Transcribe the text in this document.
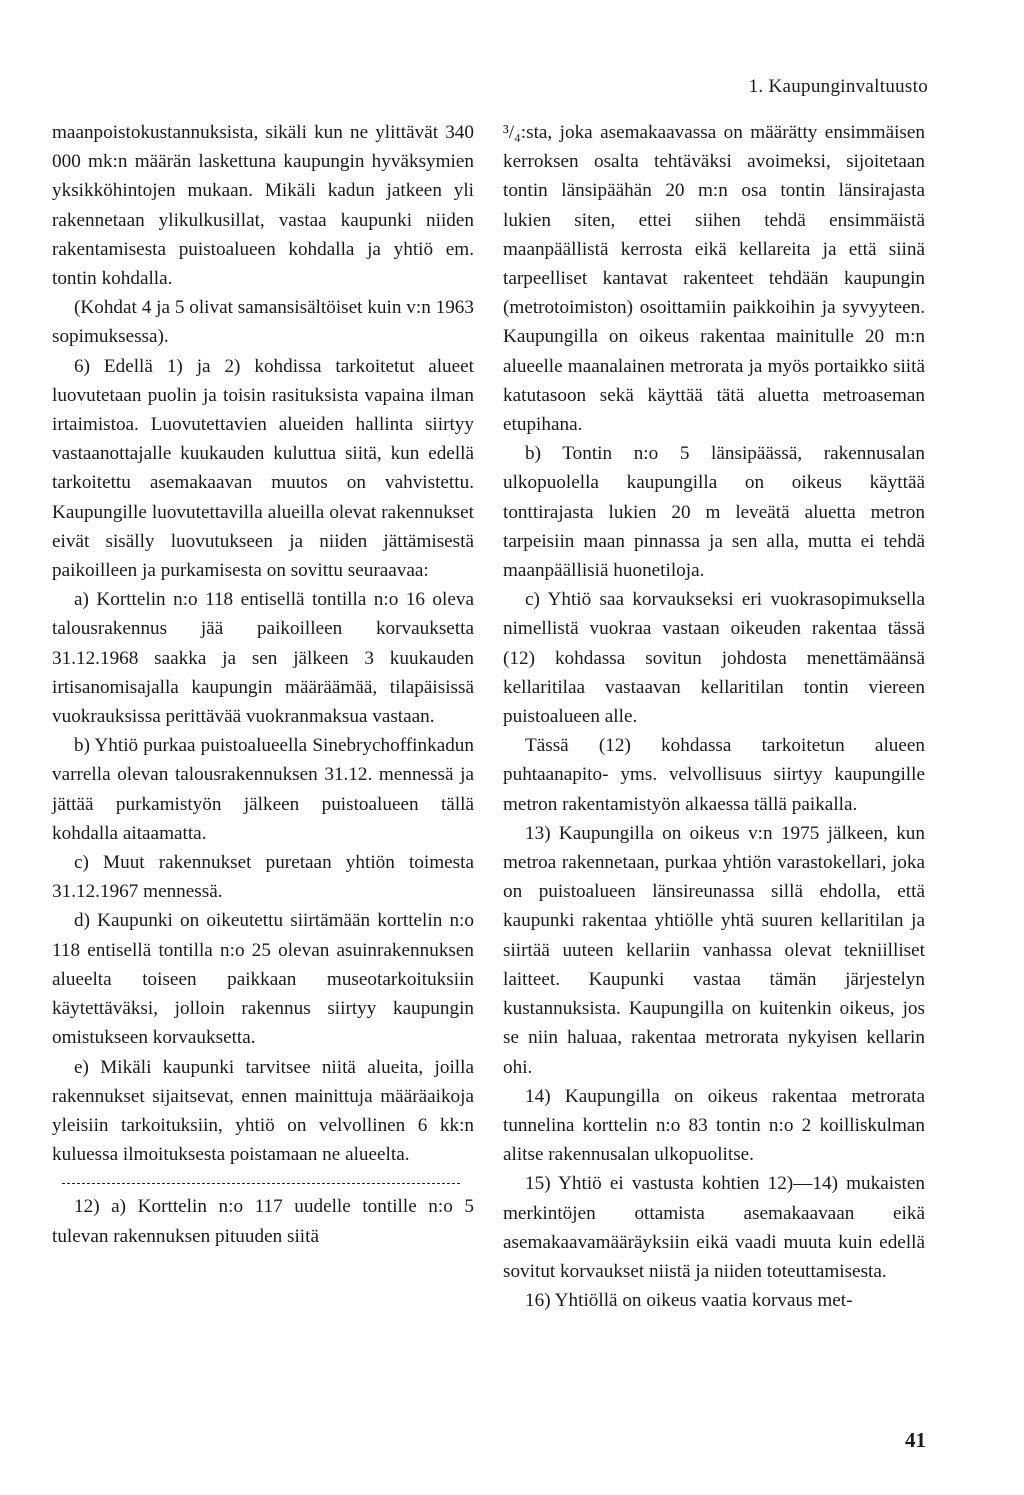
1. Kaupunginvaltuusto

maanpoistokustannuksista, sikäli kun ne ylittävät 340 000 mk:n määrän laskettuna kaupungin hyväksymien yksikköhintojen mukaan. Mikäli kadun jatkeen yli rakennetaan ylikulkusillat, vastaa kaupunki niiden rakentamisesta puistoalueen kohdalla ja yhtiö em. tontin kohdalla.

(Kohdat 4 ja 5 olivat samansisältöiset kuin v:n 1963 sopimuksessa).

6) Edellä 1) ja 2) kohdissa tarkoitetut alueet luovutetaan puolin ja toisin rasituksista vapaina ilman irtaimistoa. Luovutettavien alueiden hallinta siirtyy vastaanottajalle kuukauden kuluttua siitä, kun edellä tarkoitettu asemakaavan muutos on vahvistettu. Kaupungille luovutettavilla alueilla olevat rakennukset eivät sisälly luovutukseen ja niiden jättämisestä paikoilleen ja purkamisesta on sovittu seuraavaa:

a) Korttelin n:o 118 entisellä tontilla n:o 16 oleva talousrakennus jää paikoilleen korvauksetta 31.12.1968 saakka ja sen jälkeen 3 kuukauden irtisanomisajalla kaupungin määräämää, tilapäisissä vuokrauksissa perittävää vuokranmaksua vastaan.

b) Yhtiö purkaa puistoalueella Sinebrychoffinkadun varrella olevan talousrakennuksen 31.12. mennessä ja jättää purkamistyön jälkeen puistoalueen tällä kohdalla aitaamatta.

c) Muut rakennukset puretaan yhtiön toimesta 31.12.1967 mennessä.

d) Kaupunki on oikeutettu siirtämään korttelin n:o 118 entisellä tontilla n:o 25 olevan asuinrakennuksen alueelta toiseen paikkaan museotarkoituksiin käytettäväksi, jolloin rakennus siirtyy kaupungin omistukseen korvauksetta.

e) Mikäli kaupunki tarvitsee niitä alueita, joilla rakennukset sijaitsevat, ennen mainittuja määräaikoja yleisiin tarkoituksiin, yhtiö on velvollinen 6 kk:n kuluessa ilmoituksesta poistamaan ne alueelta.

12) a) Korttelin n:o 117 uudelle tontille n:o 5 tulevan rakennuksen pituuden siitä

³/₄:sta, joka asemakaavassa on määrätty ensimmäisen kerroksen osalta tehtäväksi avoimeksi, sijoitetaan tontin länsipäähän 20 m:n osa tontin länsirajasta lukien siten, ettei siihen tehdä ensimmäistä maanpäällistä kerrosta eikä kellareita ja että siinä tarpeelliset kantavat rakenteet tehdään kaupungin (metrotoimiston) osoittamiin paikkoihin ja syvyyteen. Kaupungilla on oikeus rakentaa mainitulle 20 m:n alueelle maanalainen metrorata ja myös portaikko siitä katutasoon sekä käyttää tätä aluetta metroaseman etupihana.

b) Tontin n:o 5 länsipäässä, rakennusalan ulkopuolella kaupungilla on oikeus käyttää tonttirajasta lukien 20 m leveätä aluetta metron tarpeisiin maan pinnassa ja sen alla, mutta ei tehdä maanpäällisiä huonetiloja.

c) Yhtiö saa korvaukseksi eri vuokrasopimuksella nimellistä vuokraa vastaan oikeuden rakentaa tässä (12) kohdassa sovitun johdosta menettämäänsä kellaritilaa vastaavan kellaritilan tontin viereen puistoalueen alle.

Tässä (12) kohdassa tarkoitetun alueen puhtaanapito- yms. velvollisuus siirtyy kaupungille metron rakentamistyön alkaessa tällä paikalla.

13) Kaupungilla on oikeus v:n 1975 jälkeen, kun metroa rakennetaan, purkaa yhtiön varastokellari, joka on puistoalueen länsireunassa sillä ehdolla, että kaupunki rakentaa yhtiölle yhtä suuren kellaritilan ja siirtää uuteen kellariin vanhassa olevat tekniilliset laitteet. Kaupunki vastaa tämän järjestelyn kustannuksista. Kaupungilla on kuitenkin oikeus, jos se niin haluaa, rakentaa metrorata nykyisen kellarin ohi.

14) Kaupungilla on oikeus rakentaa metrorata tunnelina korttelin n:o 83 tontin n:o 2 koilliskulman alitse rakennusalan ulkopuolitse.

15) Yhtiö ei vastusta kohtien 12)—14) mukaisten merkintöjen ottamista asemakaavaan eikä asemakaavamääräyksiin eikä vaadi muuta kuin edellä sovitut korvaukset niistä ja niiden toteuttamisesta.

16) Yhtiöllä on oikeus vaatia korvaus met-

41
